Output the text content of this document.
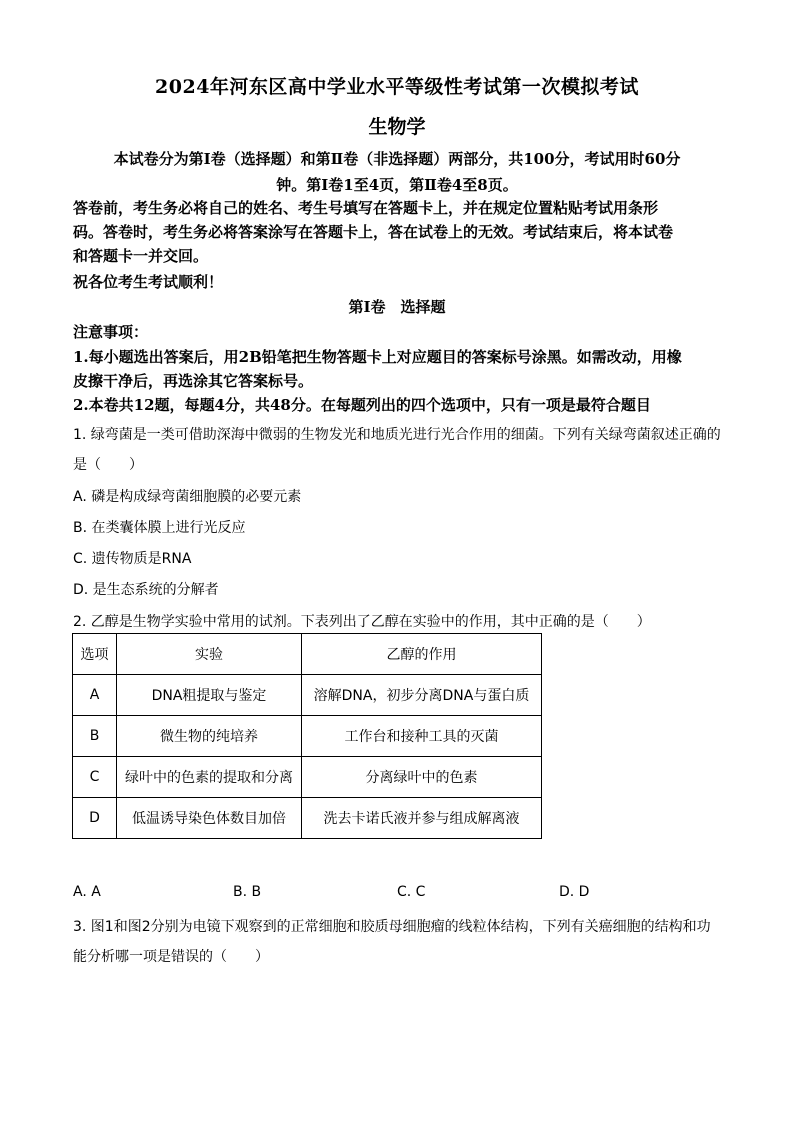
2024年河东区高中学业水平等级性考试第一次模拟考试
生物学
本试卷分为第Ⅰ卷（选择题）和第Ⅱ卷（非选择题）两部分，共100分，考试用时60分
钟。第Ⅰ卷1至4页，第Ⅱ卷4至8页。
答卷前，考生务必将自己的姓名、考生号填写在答题卡上，并在规定位置粘贴考试用条形
码。答卷时，考生务必将答案涂写在答题卡上，答在试卷上的无效。考试结束后，将本试卷
和答题卡一并交回。
祝各位考生考试顺利！
第Ⅰ卷　选择题
注意事项：
1.每小题选出答案后，用2B铅笔把生物答题卡上对应题目的答案标号涂黑。如需改动，用橡
皮擦干净后，再选涂其它答案标号。
2.本卷共12题，每题4分，共48分。在每题列出的四个选项中，只有一项是最符合题目
1. 绿弯菌是一类可借助深海中微弱的生物发光和地质光进行光合作用的细菌。下列有关绿弯菌叙述正确的
是（　　）
A. 磷是构成绿弯菌细胞膜的必要元素
B. 在类囊体膜上进行光反应
C. 遗传物质是RNA
D. 是生态系统的分解者
2. 乙醇是生物学实验中常用的试剂。下表列出了乙醇在实验中的作用，其中正确的是（　　）
选项	实验	乙醇的作用
A	DNA粗提取与鉴定	溶解DNA，初步分离DNA与蛋白质
B	微生物的纯培养	工作台和接种工具的灭菌
C	绿叶中的色素的提取和分离	分离绿叶中的色素
D	低温诱导染色体数目加倍	洗去卡诺氏液并参与组成解离液
A. A	B. B	C. C	D. D
3. 图1和图2分别为电镜下观察到的正常细胞和胶质母细胞瘤的线粒体结构，下列有关癌细胞的结构和功
能分析哪一项是错误的（　　）
